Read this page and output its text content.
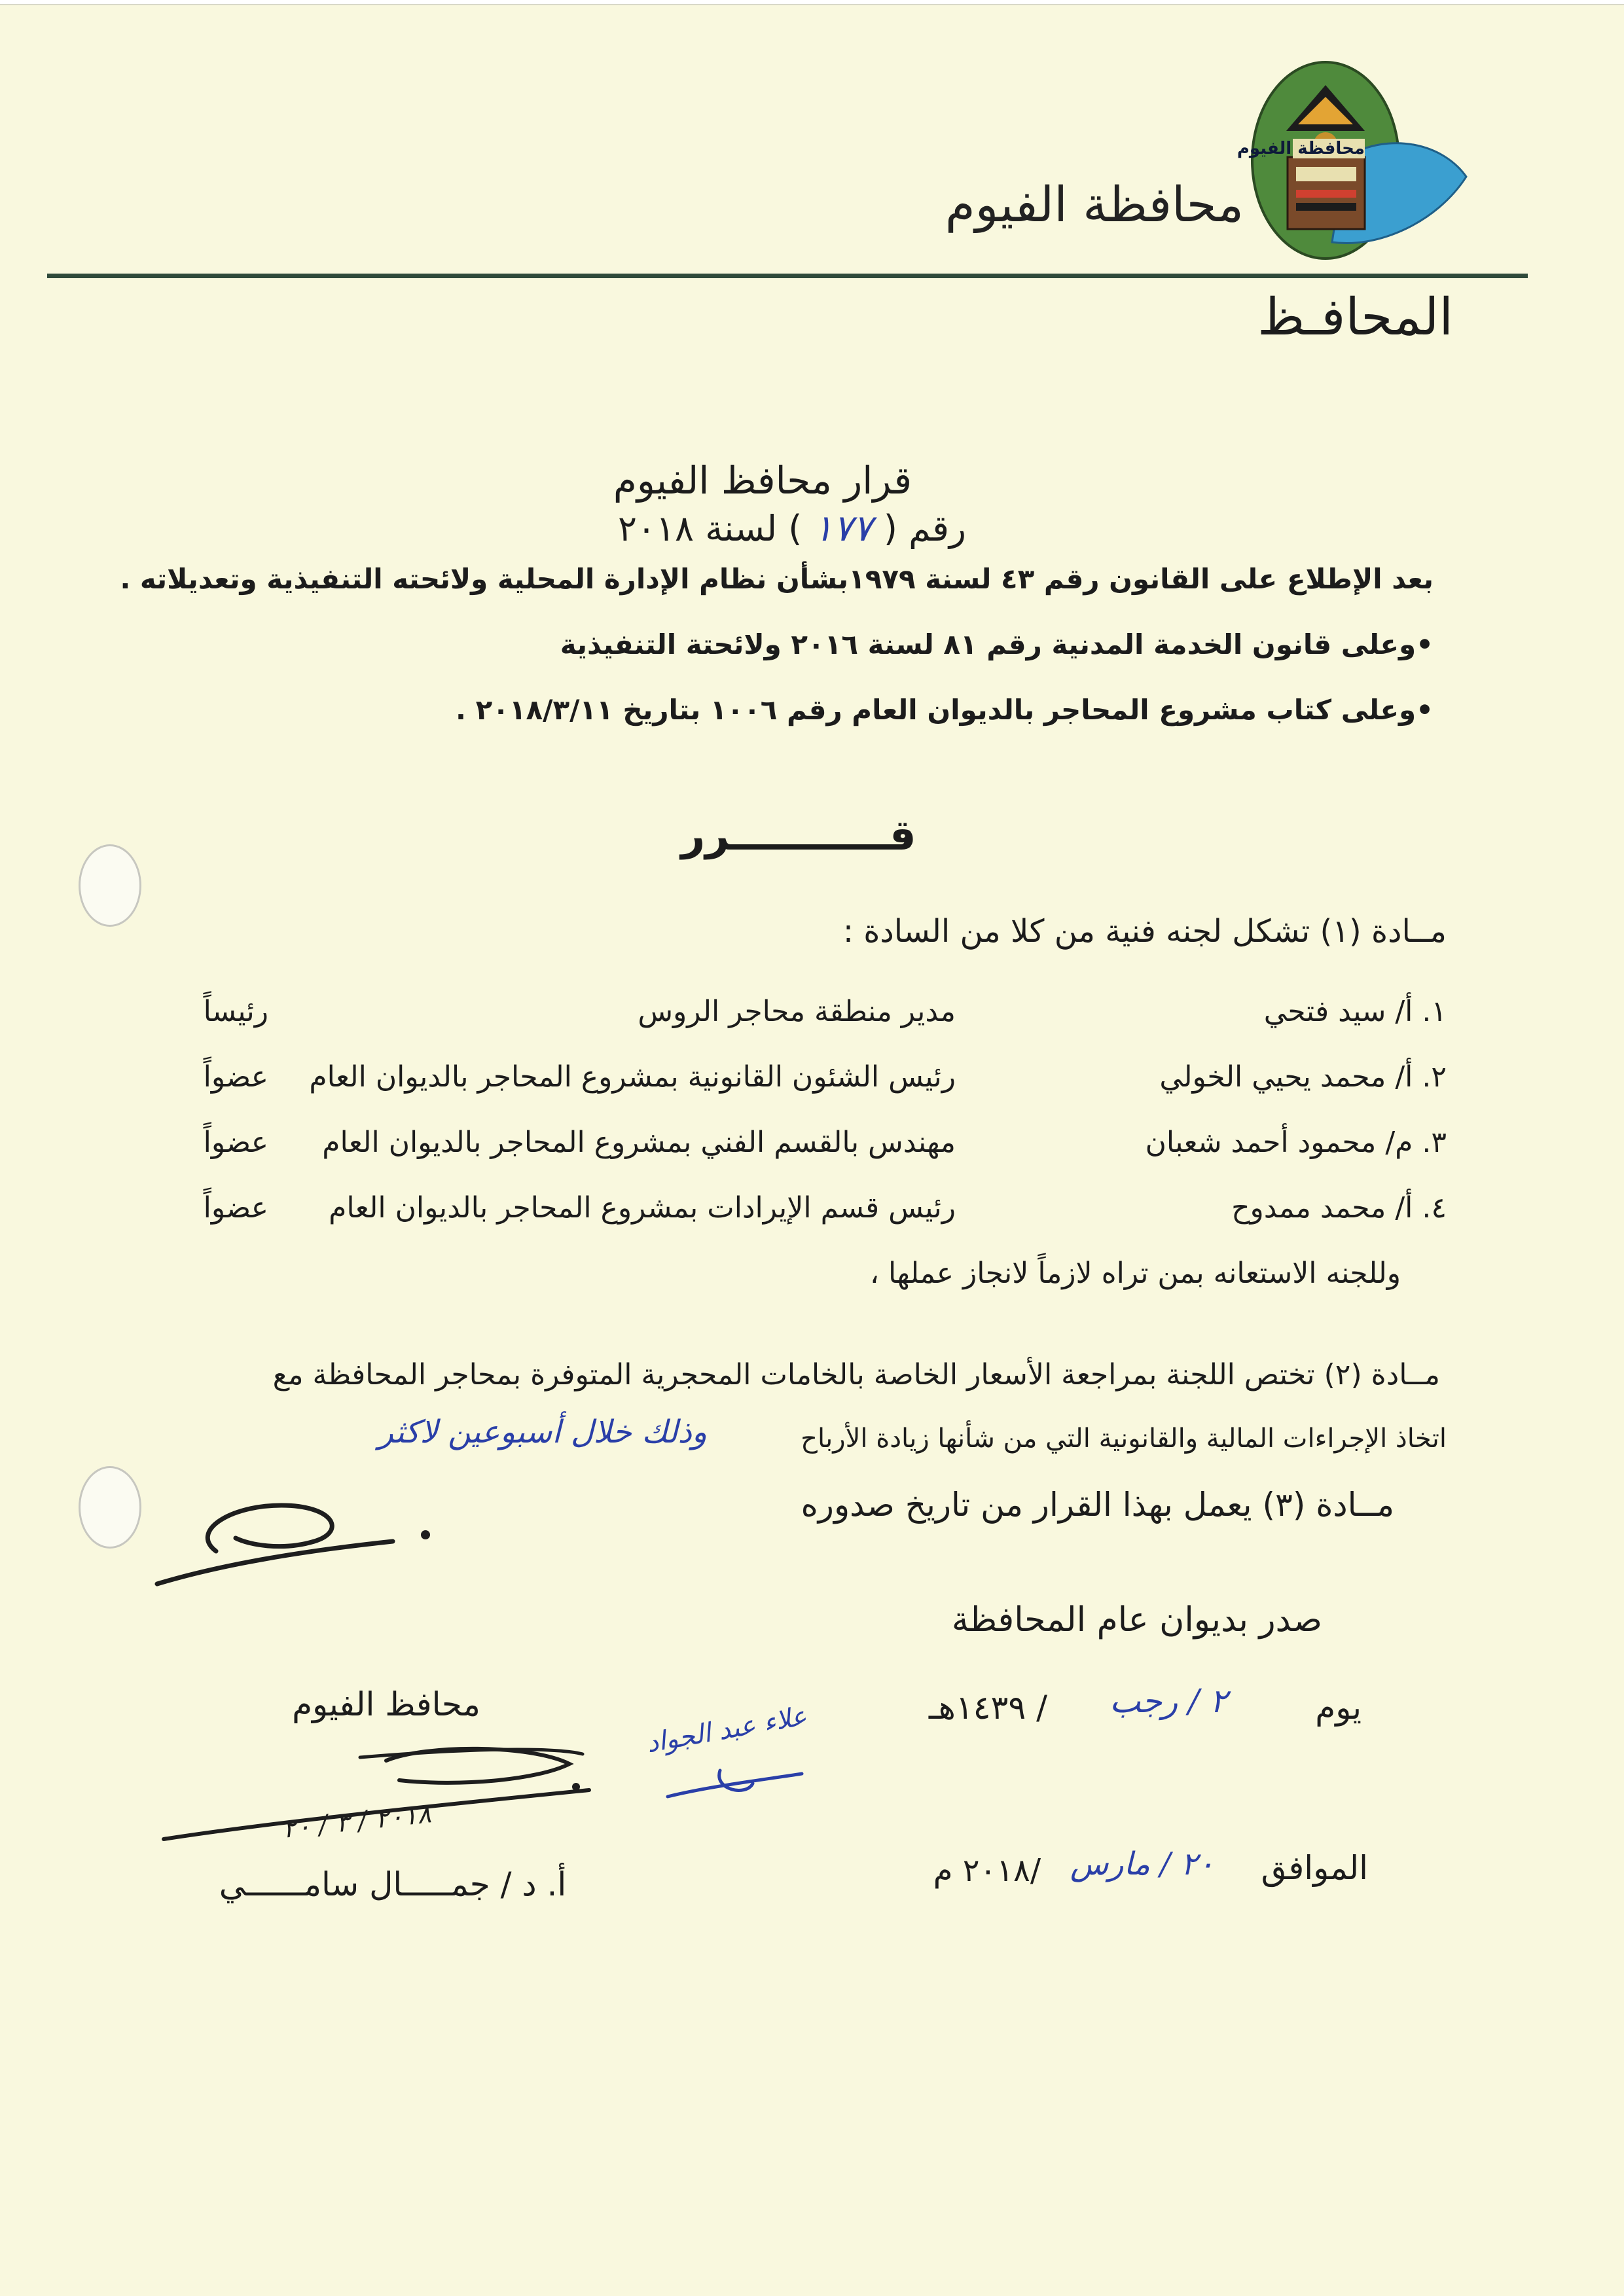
محافظة الفيوم
محافظة الفيوم
المحافـظ
قرار محافظ الفيوم
رقم ( ١٧٧ ) لسنة ٢٠١٨
بعد الإطلاع على القانون رقم ٤٣ لسنة ١٩٧٩بشأن نظام الإدارة المحلية ولائحته التنفيذية وتعديلاته .
•وعلى قانون الخدمة المدنية رقم ٨١ لسنة ٢٠١٦ ولائحتة التنفيذية
•وعلى كتاب مشروع المحاجر بالديوان العام رقم ١٠٠٦ بتاريخ ٢٠١٨/٣/١١ .
قـــــــــــرر
مــادة (١) تشكل لجنه فنية من كلا من السادة :
١. أ/ سيد فتحي
مدير منطقة محاجر الروس
رئيساً
٢. أ/ محمد يحيي الخولي
رئيس الشئون القانونية بمشروع المحاجر بالديوان العام
عضواً
٣. م/ محمود أحمد شعبان
مهندس بالقسم الفني بمشروع المحاجر بالديوان العام
عضواً
٤. أ/ محمد ممدوح
رئيس قسم الإيرادات بمشروع المحاجر بالديوان العام
عضواً
وللجنه الاستعانه بمن تراه لازماً لانجاز عملها ،
مــادة (٢) تختص اللجنة بمراجعة الأسعار الخاصة بالخامات المحجرية المتوفرة بمحاجر المحافظة مع
اتخاذ الإجراءات المالية والقانونية التي من شأنها زيادة الأرباح
وذلك خلال أسبوعين لاكثر
مــادة (٣) يعمل بهذا القرار من تاريخ صدوره
صدر بديوان عام المحافظة
يوم
٢ / رجب
/ ١٤٣٩هـ
الموافق
٢٠ / مارس
/٢٠١٨ م
علاء عبد الجواد
محافظ الفيوم
٢٠١٨ / ٣ / ٢٠
أ. د / جمـــــال سامــــــي
